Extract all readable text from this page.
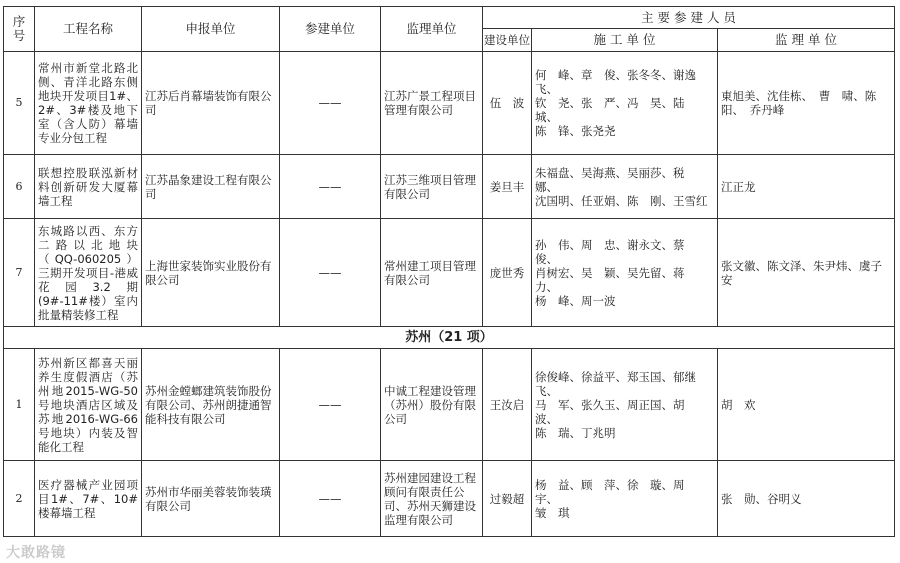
序号	工程名称	申报单位	参建单位	监理单位	主 要 参 建 人 员		
					建设单位	施 工 单 位	监 理 单 位
5	常州市新堂北路北侧、青洋北路东侧地块开发项目1#、2#、3#楼及地下室（含人防）幕墙专业分包工程	江苏后肖幕墙装饰有限公司	——	江苏广景工程项目管理有限公司	伍　波	何　峰、章　俊、张冬冬、谢逸飞、
钦　尧、张　严、冯　昊、陆　城、
陈　锋、张尧尧	東旭美、沈佳栋、　曹　啸、陈　阳、　乔丹峰
6	联想控股联泓新材料创新研发大厦幕墙工程	江苏晶象建设工程有限公司	——	江苏三维项目管理有限公司	姜旦丰	朱福盘、吴海燕、吴丽莎、税　娜、
沈国明、任亚娟、陈　刚、王雪红	江正龙
7	东城路以西、东方二路以北地块（QQ-060205）三期开发项目-港威花园3.2期(9#-11#楼）室内批量精装修工程	上海世家装饰实业股份有限公司	——	常州建工项目管理有限公司	庞世秀	孙　伟、周　忠、谢永文、蔡　俊、
肖树宏、吴　颖、吴先留、蒋　力、
杨　峰、周一波	张文徽、陈文泽、朱尹炜、虞子安
苏州（21 项）							
1	苏州新区都喜天丽养生度假酒店（苏州地2015-WG-50号地块酒店区域及苏地2016-WG-66号地块）内装及智能化工程	苏州金螳螂建筑装饰股份有限公司、苏州朗捷通智能科技有限公司	——	中诚工程建设管理（苏州）股份有限公司	王汝启	徐俊峰、徐益平、郑玉国、郁继飞、
马　军、张久玉、周正国、胡　波、
陈　瑞、丁兆明	胡　欢
2	医疗器械产业园项目1#、7#、10#楼幕墙工程	苏州市华丽美蓉装饰装璜有限公司	——	苏州建园建设工程顾问有限责任公司、苏州天狮建设监理有限公司	过毅超	杨　益、顾　萍、徐　璇、周　宇、
皱　琪	张　勋、谷明义
大敢路镜
